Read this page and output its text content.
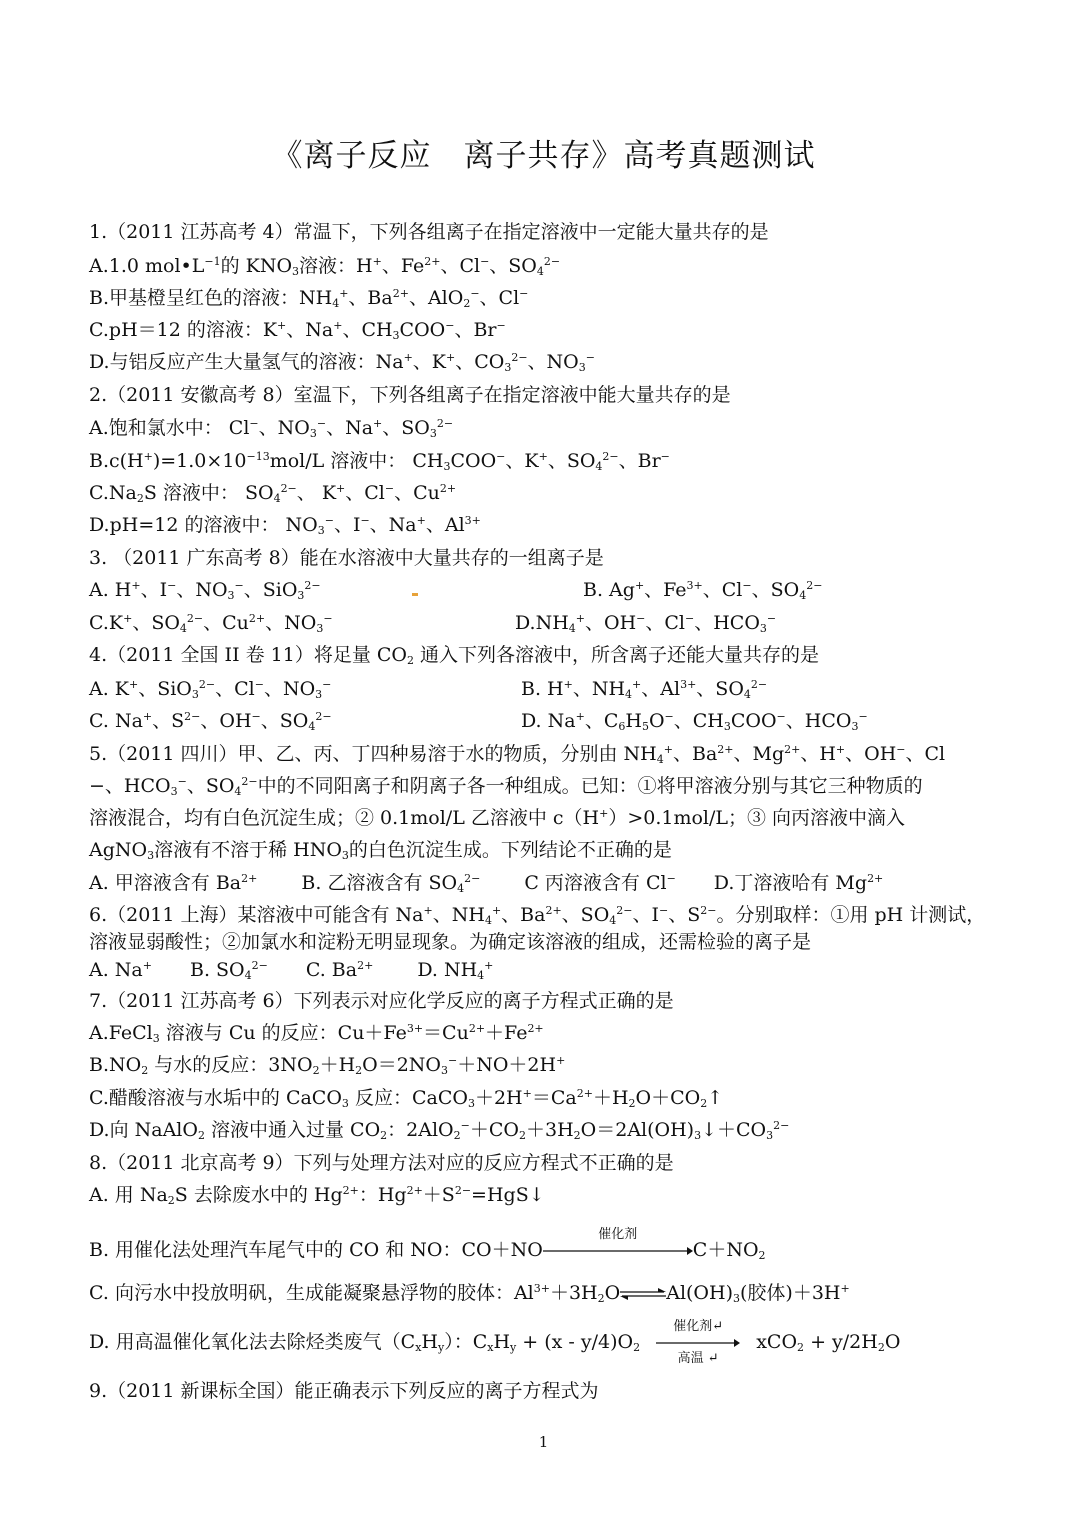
《离子反应　离子共存》高考真题测试
1.（2011 江苏高考 4）常温下，下列各组离子在指定溶液中一定能大量共存的是
A.1.0 $mol•L^{-1}$的 $KNO_3$溶液：H+、$Fe^{2+}$、Cl−、$SO_4^{2-}$
B.甲基橙呈红色的溶液：$NH_4^+$、$Ba^{2+}$、AlO$_2$−、Cl−
C.pH＝12 的溶液：K+、Na+、$CH_3COO^-$、Br−
D.与铝反应产生大量氢气的溶液：Na+、K+、$CO_3^{2-}$、$NO_3^-$
2.（2011 安徽高考 8）室温下，下列各组离子在指定溶液中能大量共存的是
A.饱和氯水中： Cl−、$NO_3^-$、Na+、$SO_3^{2-}$
$B.c(H^+)=1.0\times 10^{-13}mol/L$ 溶液中： $CH_3COO^-$、K+、$SO_4^{2-}$、Br−
$C.Na_2S$ 溶液中： $SO_4^{2-}$、 K+、Cl−、$Cu^{2+}$
D.pH=12 的溶液中： $NO_3^-$、I−、Na+、$Al^{3+}$
3. （2011 广东高考 8）能在水溶液中大量共存的一组离子是
A. H+、I−、$NO_3^-$、SiO$_3^{2-}$	B. Ag+、$Fe^{3+}$、Cl−、$SO_4^{2-}$
C.K+、$SO_4^{2-}$、$Cu^{2+}$、$NO_3^-$	$D.NH_4^+$、OH−、Cl−、$HCO_3^-$
4.（2011 全国 II 卷 11）将足量 $CO_2$ 通入下列各溶液中，所含离子还能大量共存的是
A. K+、SiO$_3^{2-}$、Cl−、$NO_3^-$	B. H+、$NH_4^+$、$Al^{3+}$、$SO_4^{2-}$
C. Na+、$S^{2-}$、OH−、$SO_4^{2-}$	D. Na+、$C_6H_5O^-$、$CH_3COO^-$、$HCO_3^-$
5.（2011 四川）甲、乙、丙、丁四种易溶于水的物质，分别由 $NH_4^+$、$Ba^{2+}$、$Mg^{2+}$、H+、OH−、Cl
−、$HCO_3^-$、$SO_4^{2-}$中的不同阳离子和阴离子各一种组成。已知：①将甲溶液分别与其它三种物质的
溶液混合，均有白色沉淀生成；② 0.1mol/L 乙溶液中 c（H+）>0.1mol/L；③ 向丙溶液中滴入
AgNO$_3$溶液有不溶于稀 $HNO_3$的白色沉淀生成。下列结论不正确的是
A. 甲溶液含有 $Ba^{2+}$　　 B. 乙溶液含有 $SO_4^{2-}$　　 C 丙溶液含有 Cl−　　D.丁溶液哈有 $Mg^{2+}$
6.（2011 上海）某溶液中可能含有 Na+、$NH_4^+$、$Ba^{2+}$、$SO_4^{2-}$、I−、$S^{2-}$。分别取样：①用 pH 计测试，
溶液显弱酸性；②加氯水和淀粉无明显现象。为确定该溶液的组成，还需检验的离子是
A. Na+　　B. $SO_4^{2-}$　　C. $Ba^{2+}$　　 D. $NH_4^+$
7.（2011 江苏高考 6）下列表示对应化学反应的离子方程式正确的是
A.FeCl$_3$ 溶液与 Cu 的反应：$Cu+Fe^{3+}=Cu^{2+}+Fe^{2+}$
$B.NO_2$ 与水的反应：$3NO_2+H_2O=2NO_3^-+NO+2H^+$
C.醋酸溶液与水垢中的 CaCO$_3$ 反应：$CaCO_3+2H^+=Ca^{2+}+H_2O+CO_2↑$
D.向 NaAlO$_2$ 溶液中通入过量 $CO_2$：$2AlO_2^-+CO_2+3H_2O=2Al(OH)_3↓+CO_3^{2-}$
8.（2011 北京高考 9）下列与处理方法对应的反应方程式不正确的是
A. 用 $Na_2S$ 去除废水中的 $Hg^{2+}$：$Hg^{2+}+S^{2-}=HgS↓$
B. 用催化法处理汽车尾气中的 CO 和 NO：CO＋NO
催化剂
$C+NO_2$
C. 向污水中投放明矾，生成能凝聚悬浮物的胶体：$Al^{3+}+3H_2O\rightleftharpoons Al(OH)_3$(胶体)＋3H+
D. 用高温催化氧化法去除烃类废气$(C_xH_y)$：$C_xH_y + (x - y/4)O_2$
催化剂↵
高温 ↵
$xCO_2 + y/2H_2O$
9.（2011 新课标全国）能正确表示下列反应的离子方程式为
1
